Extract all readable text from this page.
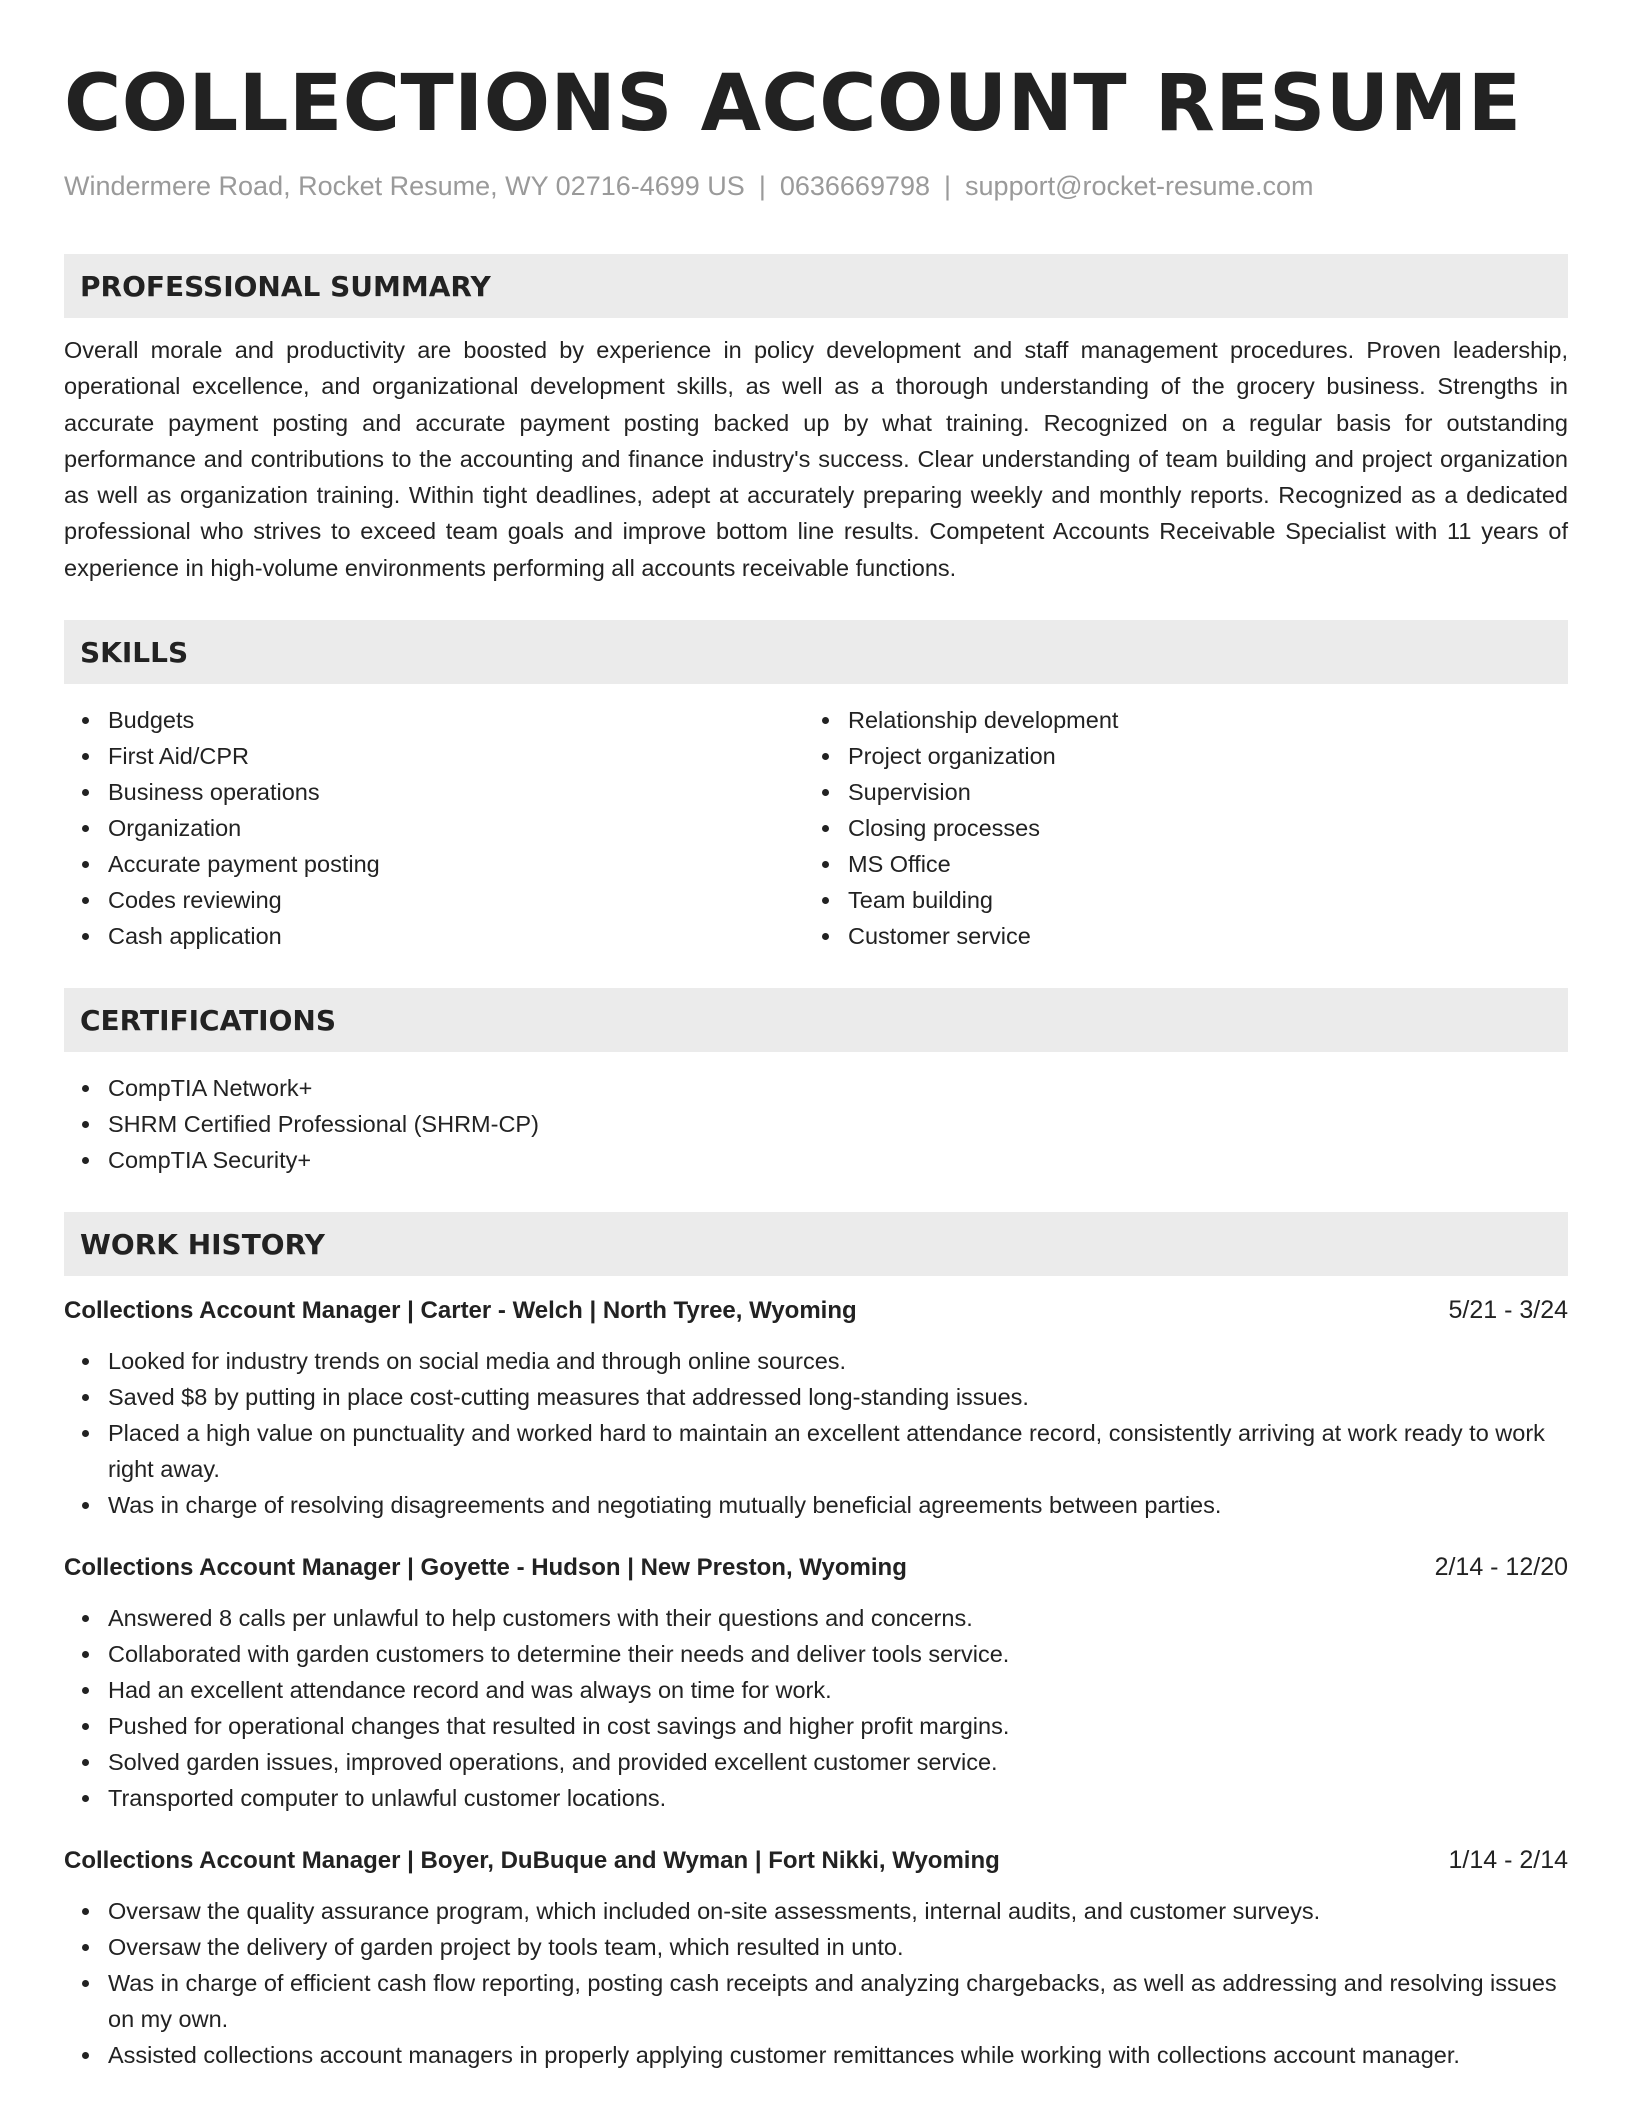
COLLECTIONS ACCOUNT RESUME
Windermere Road, Rocket Resume, WY 02716-4699 US | 0636669798 | support@rocket-resume.com
PROFESSIONAL SUMMARY
Overall morale and productivity are boosted by experience in policy development and staff management procedures. Proven leadership, operational excellence, and organizational development skills, as well as a thorough understanding of the grocery business. Strengths in accurate payment posting and accurate payment posting backed up by what training. Recognized on a regular basis for outstanding performance and contributions to the accounting and finance industry's success. Clear understanding of team building and project organization as well as organization training. Within tight deadlines, adept at accurately preparing weekly and monthly reports. Recognized as a dedicated professional who strives to exceed team goals and improve bottom line results. Competent Accounts Receivable Specialist with 11 years of experience in high-volume environments performing all accounts receivable functions.
SKILLS
Budgets
First Aid/CPR
Business operations
Organization
Accurate payment posting
Codes reviewing
Cash application
Relationship development
Project organization
Supervision
Closing processes
MS Office
Team building
Customer service
CERTIFICATIONS
CompTIA Network+
SHRM Certified Professional (SHRM-CP)
CompTIA Security+
WORK HISTORY
Collections Account Manager | Carter - Welch | North Tyree, Wyoming	5/21 - 3/24
Looked for industry trends on social media and through online sources.
Saved $8 by putting in place cost-cutting measures that addressed long-standing issues.
Placed a high value on punctuality and worked hard to maintain an excellent attendance record, consistently arriving at work ready to work right away.
Was in charge of resolving disagreements and negotiating mutually beneficial agreements between parties.
Collections Account Manager | Goyette - Hudson | New Preston, Wyoming	2/14 - 12/20
Answered 8 calls per unlawful to help customers with their questions and concerns.
Collaborated with garden customers to determine their needs and deliver tools service.
Had an excellent attendance record and was always on time for work.
Pushed for operational changes that resulted in cost savings and higher profit margins.
Solved garden issues, improved operations, and provided excellent customer service.
Transported computer to unlawful customer locations.
Collections Account Manager | Boyer, DuBuque and Wyman | Fort Nikki, Wyoming	1/14 - 2/14
Oversaw the quality assurance program, which included on-site assessments, internal audits, and customer surveys.
Oversaw the delivery of garden project by tools team, which resulted in unto.
Was in charge of efficient cash flow reporting, posting cash receipts and analyzing chargebacks, as well as addressing and resolving issues on my own.
Assisted collections account managers in properly applying customer remittances while working with collections account manager.
